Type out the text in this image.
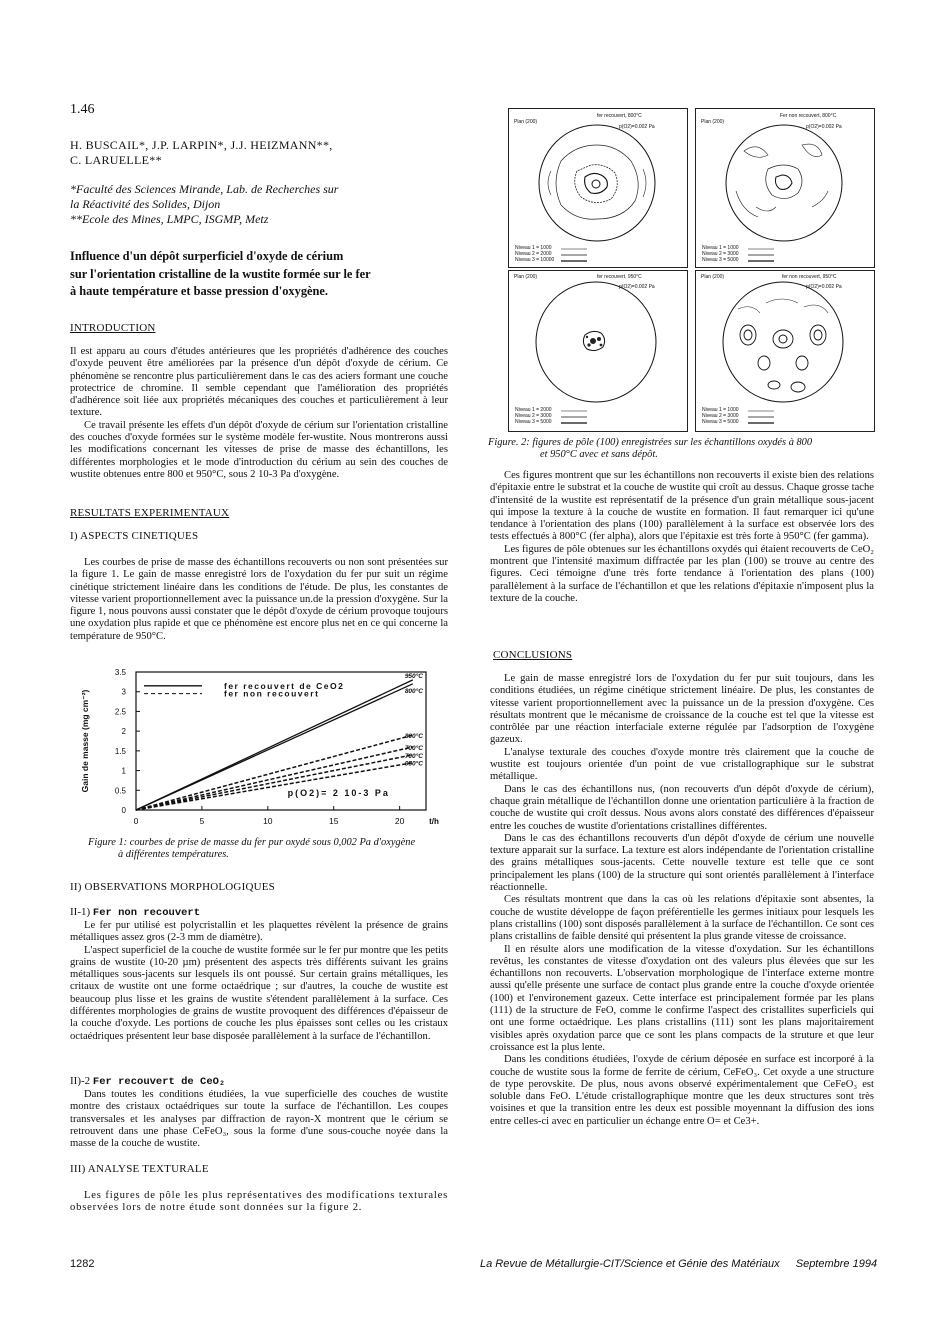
1.46
H. BUSCAIL*, J.P. LARPIN*, J.J. HEIZMANN**,
C. LARUELLE**
*Faculté des Sciences Mirande, Lab. de Recherches sur
la Réactivité des Solides, Dijon
**Ecole des Mines, LMPC, ISGMP, Metz
Influence d'un dépôt surperficiel d'oxyde de cérium
sur l'orientation cristalline de la wustite formée sur le fer
à haute température et basse pression d'oxygène.
INTRODUCTION

Il est apparu au cours d'études antérieures que les propriétés d'adhérence des couches d'oxyde peuvent être améliorées par la présence d'un dépôt d'oxyde de cérium. Ce phénomène se rencontre plus particulièrement dans le cas des aciers formant une couche protectrice de chromine. Il semble cependant que l'amélioration des propriétés d'adhérence soit liée aux propriétés mécaniques des couches et particulièrement à leur texture.

Ce travail présente les effets d'un dépôt d'oxyde de cérium sur l'orientation cristalline des couches d'oxyde formées sur le système modèle fer-wustite. Nous montrerons aussi les modifications concernant les vitesses de prise de masse des échantillons, les différentes morphologies et le mode d'introduction du cérium au sein des couches de wustite obtenues entre 800 et 950°C, sous 2 10-3 Pa d'oxygène.

RESULTATS EXPERIMENTAUX
I) ASPECTS CINETIQUES

Les courbes de prise de masse des échantillons recouverts ou non sont présentées sur la figure 1. Le gain de masse enregistré lors de l'oxydation du fer pur suit un régime cinétique strictement linéaire dans les conditions de l'étude. De plus, les constantes de vitesse varient proportionnellement avec la puissance un.de la pression d'oxygène. Sur la figure 1, nous pouvons aussi constater que le dépôt d'oxyde de cérium provoque toujours une oxydation plus rapide et que ce phénomène est encore plus net en ce qui concerne la température de 950°C.

0
0.5
1
1.5
2
2.5
3
3.5
0	5	10	15	20	t/h
Gain de masse (mg cm⁻²)
fer recouvert de CeO2
fer non recouvert
950°C
800°C
800°C
700°C
700°C
950°C
p(O2)= 2 10-3 Pa
Figure 1: courbes de prise de masse du fer pur oxydé sous 0,002 Pa d'oxygène
à différentes températures.
II) OBSERVATIONS MORPHOLOGIQUES
II-1) Fer non recouvert

Le fer pur utilisé est polycristallin et les plaquettes révèlent la présence de grains métalliques assez gros (2-3 mm de diamètre).

L'aspect superficiel de la couche de wustite formée sur le fer pur montre que les petits grains de wustite (10-20 µm) présentent des aspects très différents suivant les grains métalliques sous-jacents sur lesquels ils ont poussé. Sur certain grains métalliques, les critaux de wustite ont une forme octaédrique ; sur d'autres, la couche de wustite est beaucoup plus lisse et les grains de wustite s'étendent parallèlement à la surface. Ces différentes morphologies de grains de wustite provoquent des différences d'épaisseur de la couche d'oxyde. Les portions de couche les plus épaisses sont celles ou les cristaux octaédriques présentent leur base disposée parallèlement à la surface de l'échantillon.

II)-2 Fer recouvert de CeO₂

Dans toutes les conditions étudiées, la vue superficielle des couches de wustite montre des cristaux octaédriques sur toute la surface de l'échantillon. Les coupes transversales et les analyses par diffraction de rayon-X montrent que le cérium se retrouvent dans une phase CeFeO₃, sous la forme d'une sous-couche noyée dans la masse de la couche de wustite.

III) ANALYSE TEXTURALE

Les figures de pôle les plus représentatives des modifications texturales observées lors de notre étude sont données sur la figure 2.

Plan (200)
fer recouvert, 800°C
p(O2)=0.002 Pa
Niveau 1 = 1000
Niveau 2 = 2000
Niveau 3 = 10000
Plan (200)
Fer non recouvert, 800°C
p(O2)=0.002 Pa
Niveau 1 = 1000
Niveau 2 = 3000
Niveau 3 = 5000
Plan (200)	fer recouvert, 950°C
p(O2)=0.002 Pa
Niveau 1 = 2000
Niveau 2 = 3000
Niveau 3 = 5000
Plan (200)	fer non recouvert, 950°C
p(O2)=0.002 Pa
Niveau 1 = 1000
Niveau 2 = 3000
Niveau 3 = 5000
Figure. 2: figures de pôle (100) enregistrées sur les échantillons oxydés à 800
et 950°C avec et sans dépôt.

Ces figures montrent que sur les échantillons non recouverts il existe bien des relations d'épitaxie entre le substrat et la couche de wustite qui croît au dessus. Chaque grosse tache d'intensité de la wustite est représentatif de la présence d'un grain métallique sous-jacent qui impose la texture à la couche de wustite en formation. Il faut remarquer ici qu'une tendance à l'orientation des plans (100) parallèlement à la surface est observée lors des tests effectués à 800°C (fer alpha), alors que l'épitaxie est très forte à 950°C (fer gamma).

Les figures de pôle obtenues sur les échantillons oxydés qui étaient recouverts de CeO₂ montrent que l'intensité maximum diffractée par les plan (100) se trouve au centre des figures. Ceci témoigne d'une très forte tendance à l'orientation des plans (100) parallèlement à la surface de l'échantillon et que les relations d'épitaxie n'imposent plus la texture de la couche.

CONCLUSIONS

Le gain de masse enregistré lors de l'oxydation du fer pur suit toujours, dans les conditions étudiées, un régime cinétique strictement linéaire. De plus, les constantes de vitesse varient proportionnellement avec la puissance un de la pression d'oxygène. Ces résultats montrent que le mécanisme de croissance de la couche est tel que la vitesse est contrôlée par une réaction interfaciale externe régulée par l'adsorption de l'oxygène gazeux.

L'analyse texturale des couches d'oxyde montre très clairement que la couche de wustite est toujours orientée d'un point de vue cristallographique sur le substrat métallique.

Dans le cas des échantillons nus, (non recouverts d'un dépôt d'oxyde de cérium), chaque grain métallique de l'échantillon donne une orientation particulière à la fraction de couche de wustite qui croît dessus. Nous avons alors constaté des différences d'épaisseur entre les couches de wustite d'orientations cristallines différentes.

Dans le cas des échantillons recouverts d'un dépôt d'oxyde de cérium une nouvelle texture apparait sur la surface. La texture est alors indépendante de l'orientation cristalline des grains métalliques sous-jacents. Cette nouvelle texture est telle que ce sont principalement les plans (100) de la structure qui sont orientés parallèlement à l'interface réactionnelle.

Ces résultats montrent que dans la cas où les relations d'épitaxie sont absentes, la couche de wustite développe de façon préférentielle les germes initiaux pour lesquels les plans cristallins (100) sont disposés parallèlement à la surface de l'échantillon. Ce sont ces plans cristallins de faible densité qui présentent la plus grande vitesse de croissance.

Il en résulte alors une modification de la vitesse d'oxydation. Sur les échantillons revêtus, les constantes de vitesse d'oxydation ont des valeurs plus élevées que sur les échantillons non recouverts. L'observation morphologique de l'interface externe montre aussi qu'elle présente une surface de contact plus grande entre la couche d'oxyde orientée (100) et l'environement gazeux. Cette interface est principalement formée par les plans (111) de la structure de FeO, comme le confirme l'aspect des cristallites superficiels qui ont une forme octaédrique. Les plans cristallins (111) sont les plans majoritairement visibles après oxydation parce que ce sont les plans compacts de la struture et que leur croissance est la plus lente.

Dans les conditions étudiées, l'oxyde de cérium déposée en surface est incorporé à la couche de wustite sous la forme de ferrite de cérium, CeFeO₃. Cet oxyde a une structure de type perovskite. De plus, nous avons observé expérimentalement que CeFeO₃ est soluble dans FeO. L'étude cristallographique montre que les deux structures sont très voisines et que la transition entre les deux est possible moyennant la diffusion des ions entre celles-ci avec en particulier un échange entre O= et Ce3+.

1282	La Revue de Métallurgie-CIT/Science et Génie des Matériaux Septembre 1994
